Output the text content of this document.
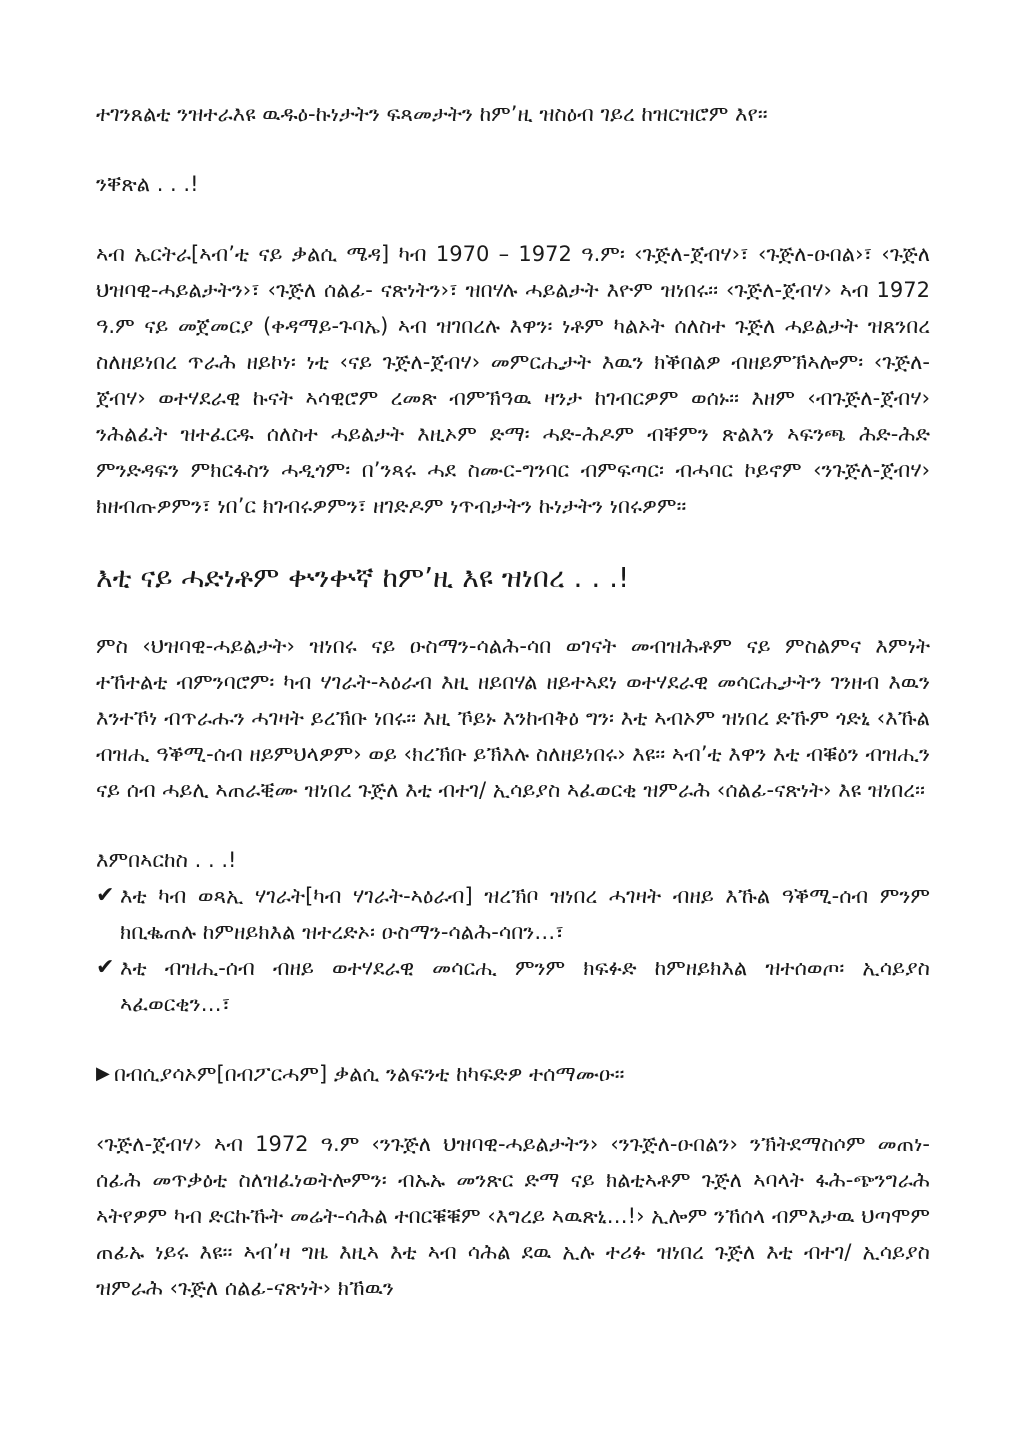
ተገንጸልቲ ንዝተራእዩ ዉዱዕ-ኩነታትን ፍጻመታትን ከም’ዚ ዝስዕብ ገይረ ከዝርዝሮም እየ፡፡

ንቐጽል . . .!

ኣብ ኤርትራ[ኣብ’ቲ ናይ ቃልሲ ሜዳ] ካብ 1970 – 1972 ዓ.ም፡ ‹ጉጅለ-ጀብሃ›፣ ‹ጉጅለ-ዑበል›፣ ‹ጉጅለ ህዝባዊ-ሓይልታትን›፣ ‹ጉጅለ ሰልፊ- ናጽነትን›፣ ዝበሃሉ ሓይልታት እዮም ዝነበሩ፡፡ ‹ጉጅለ-ጀብሃ› ኣብ 1972 ዓ.ም ናይ መጀመርያ (ቀዳማይ-ጉባኤ) ኣብ ዝገበረሉ እዋን፡ ነቶም ካልኦት ሰለስተ ጉጅለ ሓይልታት ዝጸንበረ ስለዘይነበረ ጥራሕ ዘይኮነ፡ ነቲ ‹ናይ ጉጅለ-ጀብሃ› መምርሒታት እዉን ክቕበልዎ ብዘይምኽኣሎም፡ ‹ጉጅለ-ጀብሃ› ወተሃደራዊ ኩናት ኣሳዊሮም ረመጽ ብምኽዓዉ ዛንታ ከገብርዎም ወሰኑ፡፡ እዘም ‹ብጉጅለ-ጀብሃ› ንሕልፈት ዝተፈርዱ ሰለስተ ሓይልታት እዚኦም ድማ፡ ሓድ-ሕዶም ብቐምን ጽልእን ኣፍንጫ ሕድ-ሕድ ምንድዳፍን ምክርፋስን ሓዲጎም፡ በ’ንጻሩ ሓደ ስሙር-ግንባር ብምፍጣር፡ ብሓባር ኮይኖም ‹ንጉጅለ-ጀብሃ› ክዘብጡዎምን፣ ነበ’ር ክገብሩዎምን፣ ዘገድዶም ነጥብታትን ኩነታትን ነበሩዎም፡፡

እቲ ናይ ሓድነቶም ቍንቍኛ ከም’ዚ እዩ ዝነበረ . . .!

ምስ ‹ህዝባዊ-ሓይልታት› ዝነበሩ ናይ ዑስማን-ሳልሕ-ሳበ ወገናት መብዝሕቶም ናይ ምስልምና እምነት ተኸተልቲ ብምንባሮም፡ ካብ ሃገራት-ኣዕራብ እዚ ዘይበሃል ዘይተኣደነ ወተሃደራዊ መሳርሒታትን ገንዘብ እዉን እንተኾነ ብጥራሑን ሓገዛት ይረኽቡ ነበሩ፡፡ እዚ ኾይኑ እንከብቅዕ ግን፡ እቲ ኣብኦም ዝነበረ ድኹም ጎድኒ ‹እኹል ብዝሒ ዓቕሚ-ሰብ ዘይምህላዎም› ወይ ‹ክረኽቡ ይኽእሉ ስለዘይነበሩ› እዩ፡፡ ኣብ’ቲ እዋን እቲ ብቑዕን ብዝሒን ናይ ሰብ ሓይሊ ኣጠራቒሙ ዝነበረ ጉጅለ እቲ ብተገ/ ኢሳይያስ ኣፈወርቂ ዝምራሕ ‹ሰልፊ-ናጽነት› እዩ ዝነበረ፡፡

እምበኣርከስ . . .!

✔ እቲ ካብ ወጻኢ ሃገራት[ካብ ሃገራት-ኣዕራብ] ዝረኽቦ ዝነበረ ሓገዛት ብዘይ እኹል ዓቕሚ-ሰብ ምንም ክቢቈጠሉ ከምዘይክእል ዝተረድኦ፡ ዑስማን-ሳልሕ-ሳበን…፣
✔ እቲ ብዝሒ-ሰብ ብዘይ ወተሃደራዊ መሳርሒ ምንም ክፍፉድ ከምዘይክእል ዝተሰወጦ፡ ኢሳይያስ ኣፈወርቂን…፣
▶ በብሲያሳኦም[በብፖርሓም] ቃልሲ ንልፍንቲ ከካፍድዎ ተሰማሙዑ፡፡

‹ጉጅለ-ጀብሃ› ኣብ 1972 ዓ.ም ‹ንጉጅለ ህዝባዊ-ሓይልታትን› ‹ንጉጅለ-ዑበልን› ንኽትደማስሶም መጠነ-ሰፊሕ መጥቃዕቲ ስለዝፈነወትሎምን፡ ብኡኡ መንጽር ድማ ናይ ክልቲኣቶም ጉጅለ ኣባላት ፋሕ-ጭንግራሕ ኣትየዎም ካብ ድርኩኹት መሬት-ሳሕል ተበርቑቑም ‹እግረይ ኣዉጽኒ…!› ኢሎም ንኸሰላ ብምእታዉ ህጣሞም ጠፊኡ ነይሩ እዩ፡፡ ኣብ’ዛ ግዜ እዚኣ እቲ ኣብ ሳሕል ደዉ ኢሉ ተሪፉ ዝነበረ ጉጅለ እቲ ብተገ/ ኢሳይያስ ዝምራሕ ‹ጉጅለ ሰልፊ-ናጽነት› ክኸዉን
